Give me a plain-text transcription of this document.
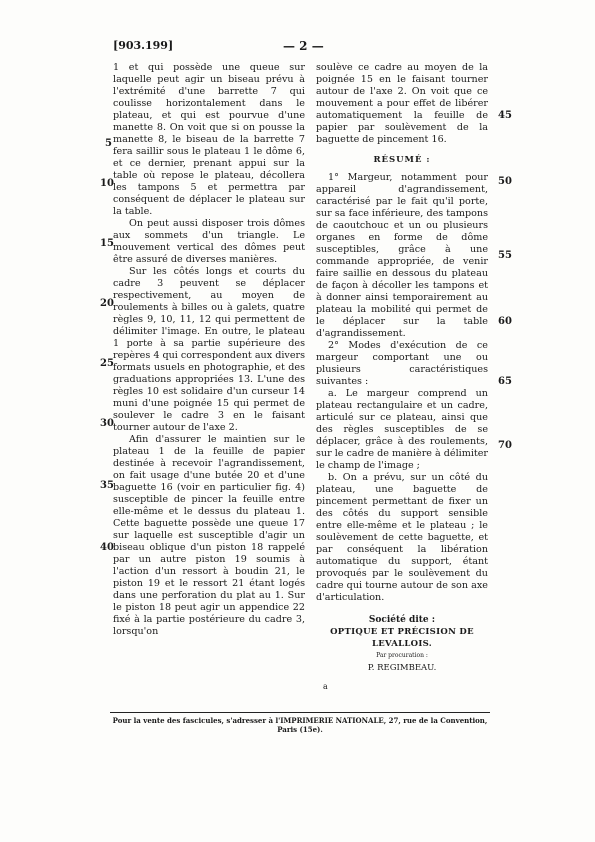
[903.199]	— 2 —
5
10
15
20
25
30
35
40
45
50
55
60
65
70

1 et qui possède une queue sur laquelle peut agir un biseau prévu à l'extrémité d'une barrette 7 qui coulisse horizontalement dans le plateau, et qui est pourvue d'une manette 8. On voit que si on pousse la manette 8, le biseau de la barrette 7 fera saillir sous le plateau 1 le dôme 6, et ce dernier, prenant appui sur la table où repose le plateau, décollera les tampons 5 et permettra par conséquent de déplacer le plateau sur la table.

On peut aussi disposer trois dômes aux sommets d'un triangle. Le mouvement vertical des dômes peut être assuré de diverses manières.

Sur les côtés longs et courts du cadre 3 peuvent se déplacer respectivement, au moyen de roulements à billes ou à galets, quatre règles 9, 10, 11, 12 qui permettent de délimiter l'image. En outre, le plateau 1 porte à sa partie supérieure des repères 4 qui correspondent aux divers formats usuels en photographie, et des graduations appropriées 13. L'une des règles 10 est solidaire d'un curseur 14 muni d'une poignée 15 qui permet de soulever le cadre 3 en le faisant tourner autour de l'axe 2.

Afin d'assurer le maintien sur le plateau 1 de la feuille de papier destinée à recevoir l'agrandissement, on fait usage d'une butée 20 et d'une baguette 16 (voir en particulier fig. 4) susceptible de pincer la feuille entre elle-même et le dessus du plateau 1. Cette baguette possède une queue 17 sur laquelle est susceptible d'agir un biseau oblique d'un piston 18 rappelé par un autre piston 19 soumis à l'action d'un ressort à boudin 21, le piston 19 et le ressort 21 étant logés dans une perforation du plat au 1. Sur le piston 18 peut agir un appendice 22 fixé à la partie postérieure du cadre 3, lorsqu'on

soulève ce cadre au moyen de la poignée 15 en le faisant tourner autour de l'axe 2. On voit que ce mouvement a pour effet de libérer automatiquement la feuille de papier par soulèvement de la baguette de pincement 16.

RÉSUMÉ :

1° Margeur, notamment pour appareil d'agrandissement, caractérisé par le fait qu'il porte, sur sa face inférieure, des tampons de caoutchouc et un ou plusieurs organes en forme de dôme susceptibles, grâce à une commande appropriée, de venir faire saillie en dessous du plateau de façon à décoller les tampons et à donner ainsi temporairement au plateau la mobilité qui permet de le déplacer sur la table d'agrandissement.

2° Modes d'exécution de ce margeur comportant une ou plusieurs caractéristiques suivantes :

a. Le margeur comprend un plateau rectangulaire et un cadre, articulé sur ce plateau, ainsi que des règles susceptibles de se déplacer, grâce à des roulements, sur le cadre de manière à délimiter le champ de l'image ;

b. On a prévu, sur un côté du plateau, une baguette de pincement permettant de fixer un des côtés du support sensible entre elle-même et le plateau ; le soulèvement de cette baguette, et par conséquent la libération automatique du support, étant provoqués par le soulèvement du cadre qui tourne autour de son axe d'articulation.

Société dite :
OPTIQUE ET PRÉCISION DE LEVALLOIS.
Par procuration :
P. REGIMBEAU.
a
Pour la vente des fascicules, s'adresser à l'IMPRIMERIE NATIONALE, 27, rue de la Convention, Paris (15e).
